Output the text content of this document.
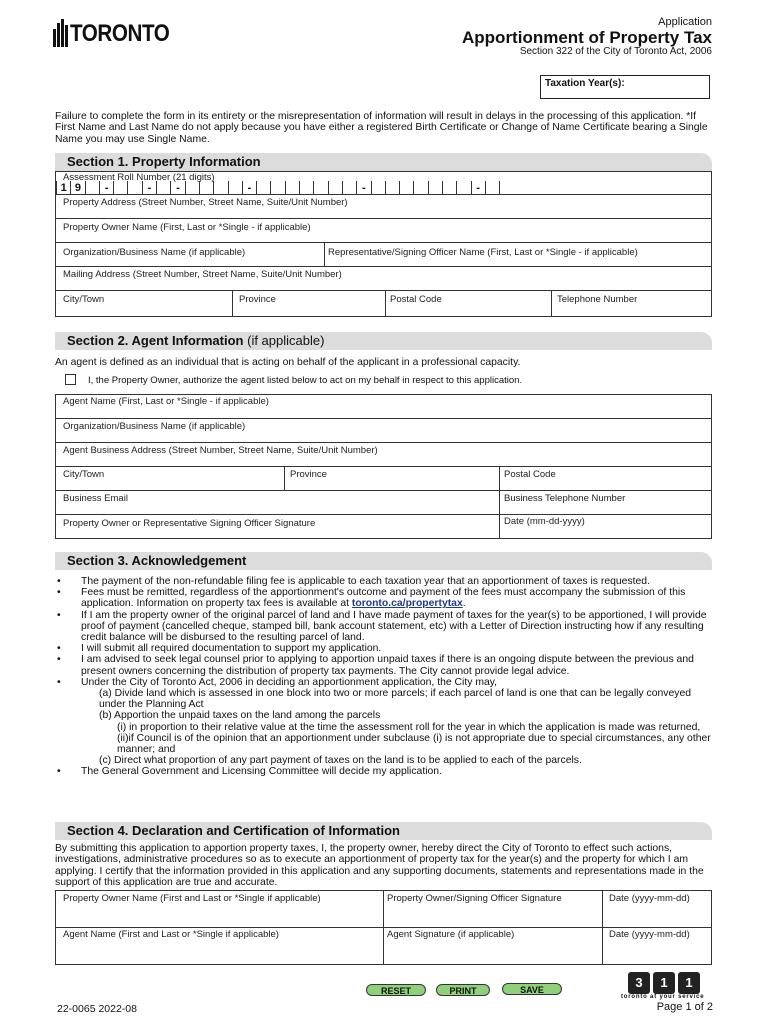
TORONTO	Application
Apportionment of Property Tax
Section 322 of the City of Toronto Act, 2006
Taxation Year(s):
Failure to complete the form in its entirety or the misrepresentation of information will result in delays in the processing of this application. *If First Name and Last Name do not apply because you have either a registered Birth Certificate or Change of Name Certificate bearing a Single Name you may use Single Name.
Section 1. Property Information
Assessment Roll Number (21 digits)
1 9	-	-	-	-	-	-
Property Address (Street Number, Street Name, Suite/Unit Number)
Property Owner Name (First, Last or *Single - if applicable)
Organization/Business Name (if applicable)	Representative/Signing Officer Name (First, Last or *Single - if applicable)
Mailing Address (Street Number, Street Name, Suite/Unit Number)
City/Town	Province	Postal Code	Telephone Number
Section 2. Agent Information (if applicable)
An agent is defined as an individual that is acting on behalf of the applicant in a professional capacity.
I, the Property Owner, authorize the agent listed below to act on my behalf in respect to this application.
Agent Name (First, Last or *Single - if applicable)
Organization/Business Name (if applicable)
Agent Business Address (Street Number, Street Name, Suite/Unit Number)
City/Town	Province	Postal Code
Business Email	Business Telephone Number
Property Owner or Representative Signing Officer Signature	Date (mm-dd-yyyy)
Section 3. Acknowledgement
• The payment of the non-refundable filing fee is applicable to each taxation year that an apportionment of taxes is requested.
• Fees must be remitted, regardless of the apportionment's outcome and payment of the fees must accompany the submission of this application. Information on property tax fees is available at toronto.ca/propertytax.
• If I am the property owner of the original parcel of land and I have made payment of taxes for the year(s) to be apportioned, I will provide proof of payment (cancelled cheque, stamped bill, bank account statement, etc) with a Letter of Direction instructing how if any resulting credit balance will be disbursed to the resulting parcel of land.
• I will submit all required documentation to support my application.
• I am advised to seek legal counsel prior to applying to apportion unpaid taxes if there is an ongoing dispute between the previous and present owners concerning the distribution of property tax payments. The City cannot provide legal advice.
• Under the City of Toronto Act, 2006 in deciding an apportionment application, the City may,
(a) Divide land which is assessed in one block into two or more parcels; if each parcel of land is one that can be legally conveyed under the Planning Act
(b) Apportion the unpaid taxes on the land among the parcels
(i) in proportion to their relative value at the time the assessment roll for the year in which the application is made was returned,
(ii)if Council is of the opinion that an apportionment under subclause (i) is not appropriate due to special circumstances, any other manner; and
(c) Direct what proportion of any part payment of taxes on the land is to be applied to each of the parcels.
• The General Government and Licensing Committee will decide my application.
Section 4. Declaration and Certification of Information
By submitting this application to apportion property taxes, I, the property owner, hereby direct the City of Toronto to effect such actions, investigations, administrative procedures so as to execute an apportionment of property tax for the year(s) and the property for which I am applying. I certify that the information provided in this application and any supporting documents, statements and representations made in the support of this application are true and accurate.
Property Owner Name (First and Last or *Single if applicable)	Property Owner/Signing Officer Signature	Date (yyyy-mm-dd)
Agent Name (First and Last or *Single if applicable)	Agent Signature (if applicable)	Date (yyyy-mm-dd)
RESET	PRINT	SAVE	3	1	1
toronto at your service
22-0065 2022-08	Page 1 of 2
